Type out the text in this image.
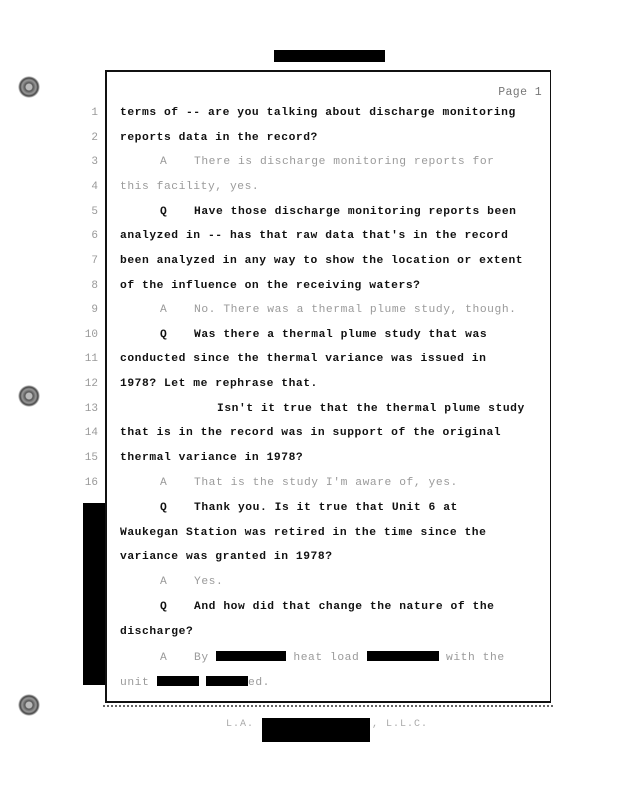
Page 1
1
2
3
4
5
6
7
8
9
10
11
12
13
14
15
16
terms of -- are you talking about discharge monitoring
reports data in the record?
A There is discharge monitoring reports for
this facility, yes.
Q Have those discharge monitoring reports been
analyzed in -- has that raw data that's in the record
been analyzed in any way to show the location or extent
of the influence on the receiving waters?
A No. There was a thermal plume study, though.
Q Was there a thermal plume study that was
conducted since the thermal variance was issued in
1978? Let me rephrase that.
Isn't it true that the thermal plume study
that is in the record was in support of the original
thermal variance in 1978?
A That is the study I'm aware of, yes.
Q Thank you. Is it true that Unit 6 at
Waukegan Station was retired in the time since the
variance was granted in 1978?
A Yes.
Q And how did that change the nature of the
discharge?
A By	heat load	with the
unit	ed.
L.A.	, L.L.C.
